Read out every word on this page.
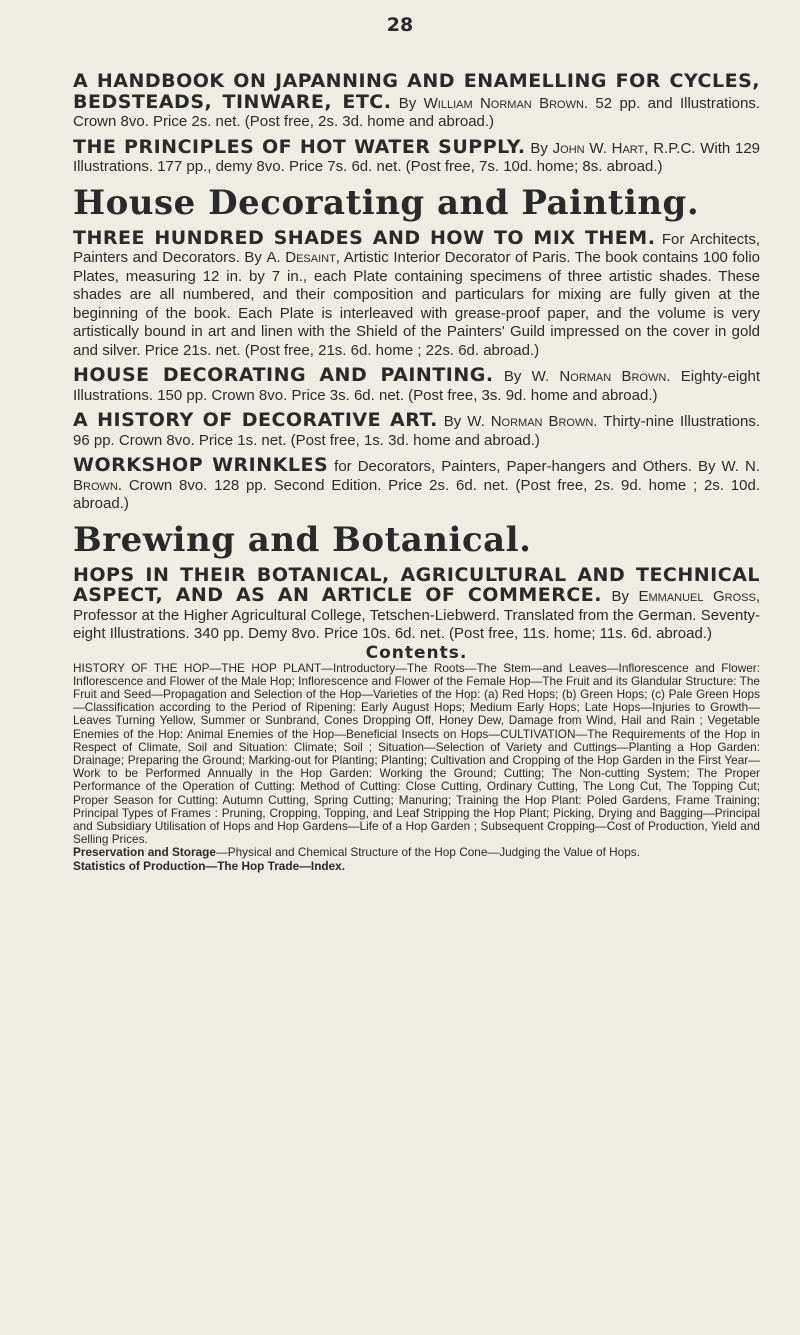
28

A HANDBOOK ON JAPANNING AND ENAMELLING FOR CYCLES, BEDSTEADS, TINWARE, ETC. By William Norman Brown. 52 pp. and Illustrations. Crown 8vo. Price 2s. net. (Post free, 2s. 3d. home and abroad.)

THE PRINCIPLES OF HOT WATER SUPPLY. By John W. Hart, R.P.C. With 129 Illustrations. 177 pp., demy 8vo. Price 7s. 6d. net. (Post free, 7s. 10d. home; 8s. abroad.)

House Decorating and Painting.

THREE HUNDRED SHADES AND HOW TO MIX THEM. For Architects, Painters and Decorators. By A. Desaint, Artistic Interior Decorator of Paris. The book contains 100 folio Plates, measuring 12 in. by 7 in., each Plate containing specimens of three artistic shades. These shades are all numbered, and their composition and particulars for mixing are fully given at the beginning of the book. Each Plate is interleaved with grease-proof paper, and the volume is very artistically bound in art and linen with the Shield of the Painters' Guild impressed on the cover in gold and silver. Price 21s. net. (Post free, 21s. 6d. home ; 22s. 6d. abroad.)

HOUSE DECORATING AND PAINTING. By W. Norman Brown. Eighty-eight Illustrations. 150 pp. Crown 8vo. Price 3s. 6d. net. (Post free, 3s. 9d. home and abroad.)

A HISTORY OF DECORATIVE ART. By W. Norman Brown. Thirty-nine Illustrations. 96 pp. Crown 8vo. Price 1s. net. (Post free, 1s. 3d. home and abroad.)

WORKSHOP WRINKLES for Decorators, Painters, Paper-hangers and Others. By W. N. Brown. Crown 8vo. 128 pp. Second Edition. Price 2s. 6d. net. (Post free, 2s. 9d. home ; 2s. 10d. abroad.)

Brewing and Botanical.

HOPS IN THEIR BOTANICAL, AGRICULTURAL AND TECHNICAL ASPECT, AND AS AN ARTICLE OF COMMERCE. By Emmanuel Gross, Professor at the Higher Agricultural College, Tetschen-Liebwerd. Translated from the German. Seventy-eight Illustrations. 340 pp. Demy 8vo. Price 10s. 6d. net. (Post free, 11s. home; 11s. 6d. abroad.)

Contents.
HISTORY OF THE HOP—THE HOP PLANT—Introductory—The Roots—The Stem—and Leaves—Inflorescence and Flower: Inflorescence and Flower of the Male Hop; Inflorescence and Flower of the Female Hop—The Fruit and its Glandular Structure: The Fruit and Seed—Propagation and Selection of the Hop—Varieties of the Hop: (a) Red Hops; (b) Green Hops; (c) Pale Green Hops—Classification according to the Period of Ripening: Early August Hops; Medium Early Hops; Late Hops—Injuries to Growth—Leaves Turning Yellow, Summer or Sunbrand, Cones Dropping Off, Honey Dew, Damage from Wind, Hail and Rain ; Vegetable Enemies of the Hop: Animal Enemies of the Hop—Beneficial Insects on Hops—CULTIVATION—The Requirements of the Hop in Respect of Climate, Soil and Situation: Climate; Soil ; Situation—Selection of Variety and Cuttings—Planting a Hop Garden: Drainage; Preparing the Ground; Marking-out for Planting; Planting; Cultivation and Cropping of the Hop Garden in the First Year—Work to be Performed Annually in the Hop Garden: Working the Ground; Cutting; The Non-cutting System; The Proper Performance of the Operation of Cutting: Method of Cutting: Close Cutting, Ordinary Cutting, The Long Cut, The Topping Cut; Proper Season for Cutting: Autumn Cutting, Spring Cutting; Manuring; Training the Hop Plant: Poled Gardens, Frame Training; Principal Types of Frames : Pruning, Cropping, Topping, and Leaf Stripping the Hop Plant; Picking, Drying and Bagging—Principal and Subsidiary Utilisation of Hops and Hop Gardens—Life of a Hop Garden ; Subsequent Cropping—Cost of Production, Yield and Selling Prices.
Preservation and Storage—Physical and Chemical Structure of the Hop Cone—Judging the Value of Hops.
Statistics of Production—The Hop Trade—Index.
